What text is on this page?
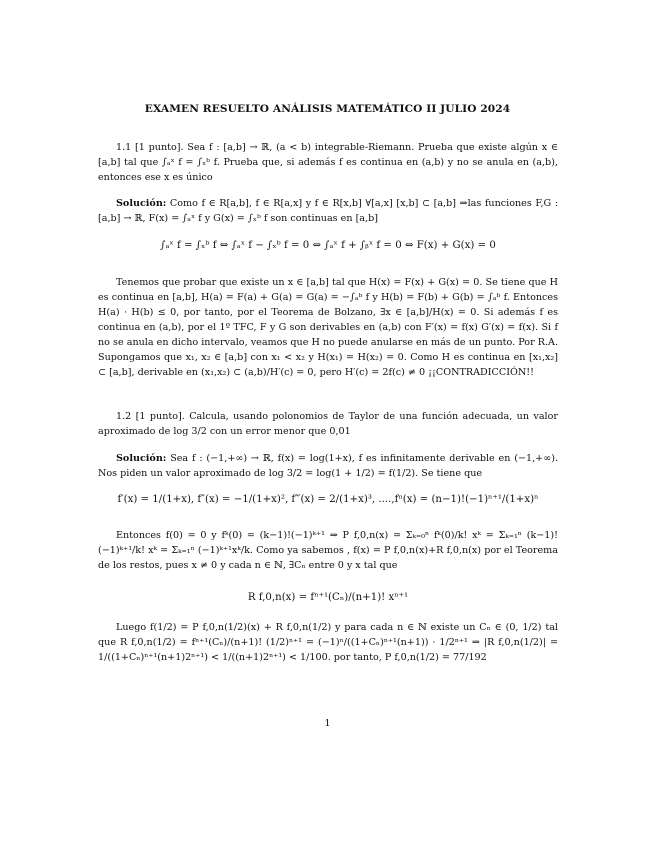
EXAMEN RESUELTO ANÁLISIS MATEMÁTICO II JULIO 2024
1.1 [1 punto]. Sea f : [a,b] → ℝ, (a < b) integrable-Riemann. Prueba que existe algún x ∈ [a,b] tal que ∫ₐˣ f = ∫ₓᵇ f. Prueba que, si además f es continua en (a,b) y no se anula en (a,b), entonces ese x es único
Solución: Como f ∈ R[a,b], f ∈ R[a,x] y f ∈ R[x,b] ∀[a,x] [x,b] ⊂ [a,b] ⇒las funciones F,G : [a,b] → ℝ, F(x) = ∫ₐˣ f y G(x) = ∫ₓᵇ f son continuas en [a,b]
∫ₐˣ f = ∫ₓᵇ f ⇔ ∫ₐˣ f − ∫ₓᵇ f = 0 ⇔ ∫ₐˣ f + ∫ᵦˣ f = 0 ⇔ F(x) + G(x) = 0
Tenemos que probar que existe un x ∈ [a,b] tal que H(x) = F(x) + G(x) = 0. Se tiene que H es continua en [a,b], H(a) = F(a) + G(a) = G(a) = −∫ₐᵇ f y H(b) = F(b) + G(b) = ∫ₐᵇ f. Entonces H(a) · H(b) ≤ 0, por tanto, por el Teorema de Bolzano, ∃x ∈ [a,b]/H(x) = 0. Si además f es continua en (a,b), por el 1º TFC, F y G son derivables en (a,b) con F′(x) = f(x) G′(x) = f(x). Si f no se anula en dicho intervalo, veamos que H no puede anularse en más de un punto. Por R.A. Supongamos que x₁, x₂ ∈ [a,b] con x₁ < x₂ y H(x₁) = H(x₂) = 0. Como H es continua en [x₁,x₂] ⊂ [a,b], derivable en (x₁,x₂) ⊂ (a,b)/H′(c) = 0, pero H′(c) = 2f(c) ≠ 0 ¡¡CONTRADICCIÓN!!
1.2 [1 punto]. Calcula, usando polonomios de Taylor de una función adecuada, un valor aproximado de log 3/2 con un error menor que 0,01
Solución: Sea f : (−1,+∞) → ℝ, f(x) = log(1+x), f es infinitamente derivable en (−1,+∞). Nos piden un valor aproximado de log 3/2 = log(1 + 1/2) = f(1/2). Se tiene que
f′(x) = 1/(1+x), f″(x) = −1/(1+x)², f‴(x) = 2/(1+x)³, ....,fⁿ(x) = (n−1)!(−1)ⁿ⁺¹/(1+x)ⁿ
Entonces f(0) = 0 y fᵏ(0) = (k−1)!(−1)ᵏ⁺¹ ⇒ P f,0,n(x) = Σₖ₌₀ⁿ fᵏ(0)/k! xᵏ = Σₖ₌₁ⁿ (k−1)!(−1)ᵏ⁺¹/k! xᵏ = Σₖ₌₁ⁿ (−1)ᵏ⁺¹xᵏ/k. Como ya sabemos , f(x) = P f,0,n(x)+R f,0,n(x) por el Teorema de los restos, pues x ≠ 0 y cada n ∈ ℕ, ∃Cₙ entre 0 y x tal que
R f,0,n(x) = fⁿ⁺¹(Cₙ)/(n+1)! xⁿ⁺¹
Luego f(1/2) = P f,0,n(1/2)(x) + R f,0,n(1/2) y para cada n ∈ ℕ existe un Cₙ ∈ (0, 1/2) tal que R f,0,n(1/2) = fⁿ⁺¹(Cₙ)/(n+1)! (1/2)ⁿ⁺¹ = (−1)ⁿ/((1+Cₙ)ⁿ⁺¹(n+1)) · 1/2ⁿ⁺¹ ⇒ |R f,0,n(1/2)| = 1/((1+Cₙ)ⁿ⁺¹(n+1)2ⁿ⁺¹) < 1/((n+1)2ⁿ⁺¹) < 1/100. por tanto, P f,0,n(1/2) = 77/192
1
